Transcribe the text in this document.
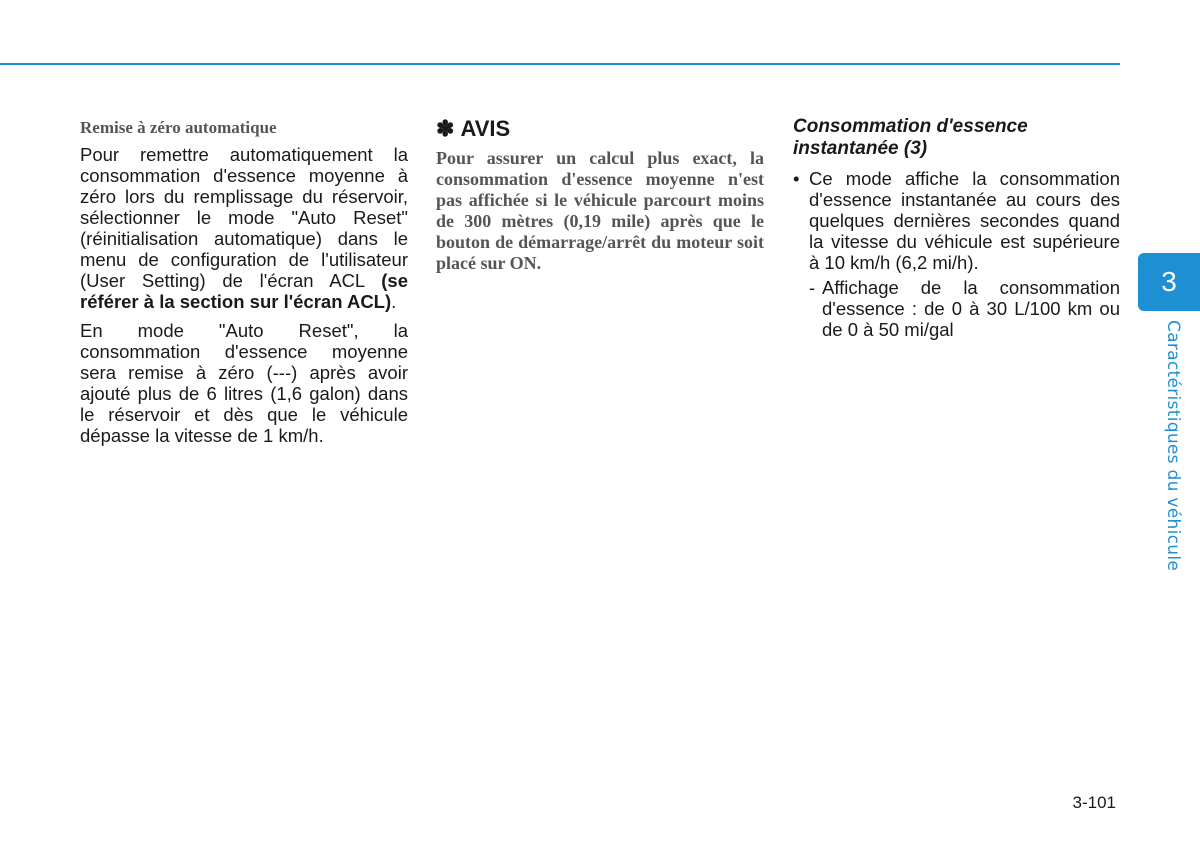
Remise à zéro automatique

Pour remettre automatiquement la consommation d'essence moyenne à zéro lors du remplissage du réservoir, sélectionner le mode "Auto Reset" (réinitialisation automatique) dans le menu de configuration de l'utilisateur (User Setting) de l'écran ACL (se référer à la section sur l'écran ACL).

En mode "Auto Reset", la consommation d'essence moyenne sera remise à zéro (---) après avoir ajouté plus de 6 litres (1,6 galon) dans le réservoir et dès que le véhicule dépasse la vitesse de 1 km/h.

✽ AVIS

Pour assurer un calcul plus exact, la consommation d'essence moyenne n'est pas affichée si le véhicule parcourt moins de 300 mètres (0,19 mile) après que le bouton de démarrage/arrêt du moteur soit placé sur ON.

Consommation d'essence instantanée (3)
• Ce mode affiche la consommation d'essence instantanée au cours des quelques dernières secondes quand la vitesse du véhicule est supérieure à 10 km/h (6,2 mi/h).
- Affichage de la consommation d'essence : de 0 à 30 L/100 km ou de 0 à 50 mi/gal
3
Caractéristiques du véhicule
3-101
